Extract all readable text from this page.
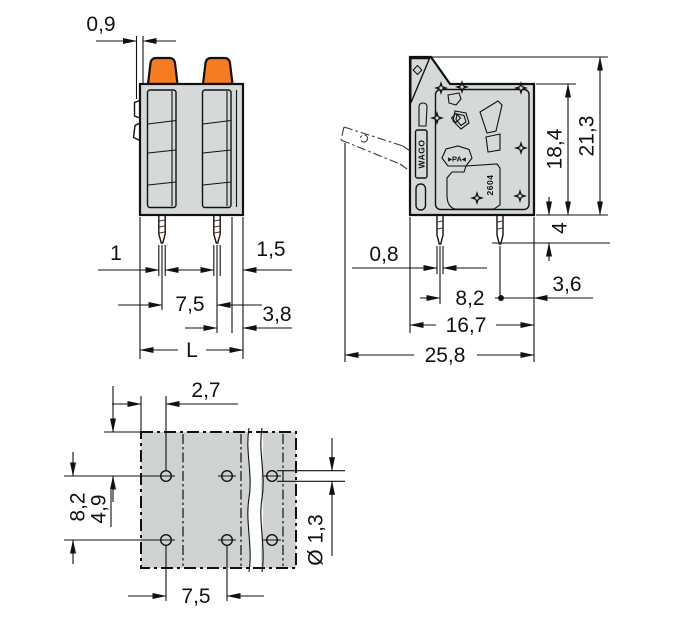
0,9
1	1,5
7,5	3,8
L
WAGO	▸PA◂
2604
18,4 21,3
4
0,8
8,2
3,6
16,7
25,8
2,7
4,9
8,2
7,5
Ø 1,3
